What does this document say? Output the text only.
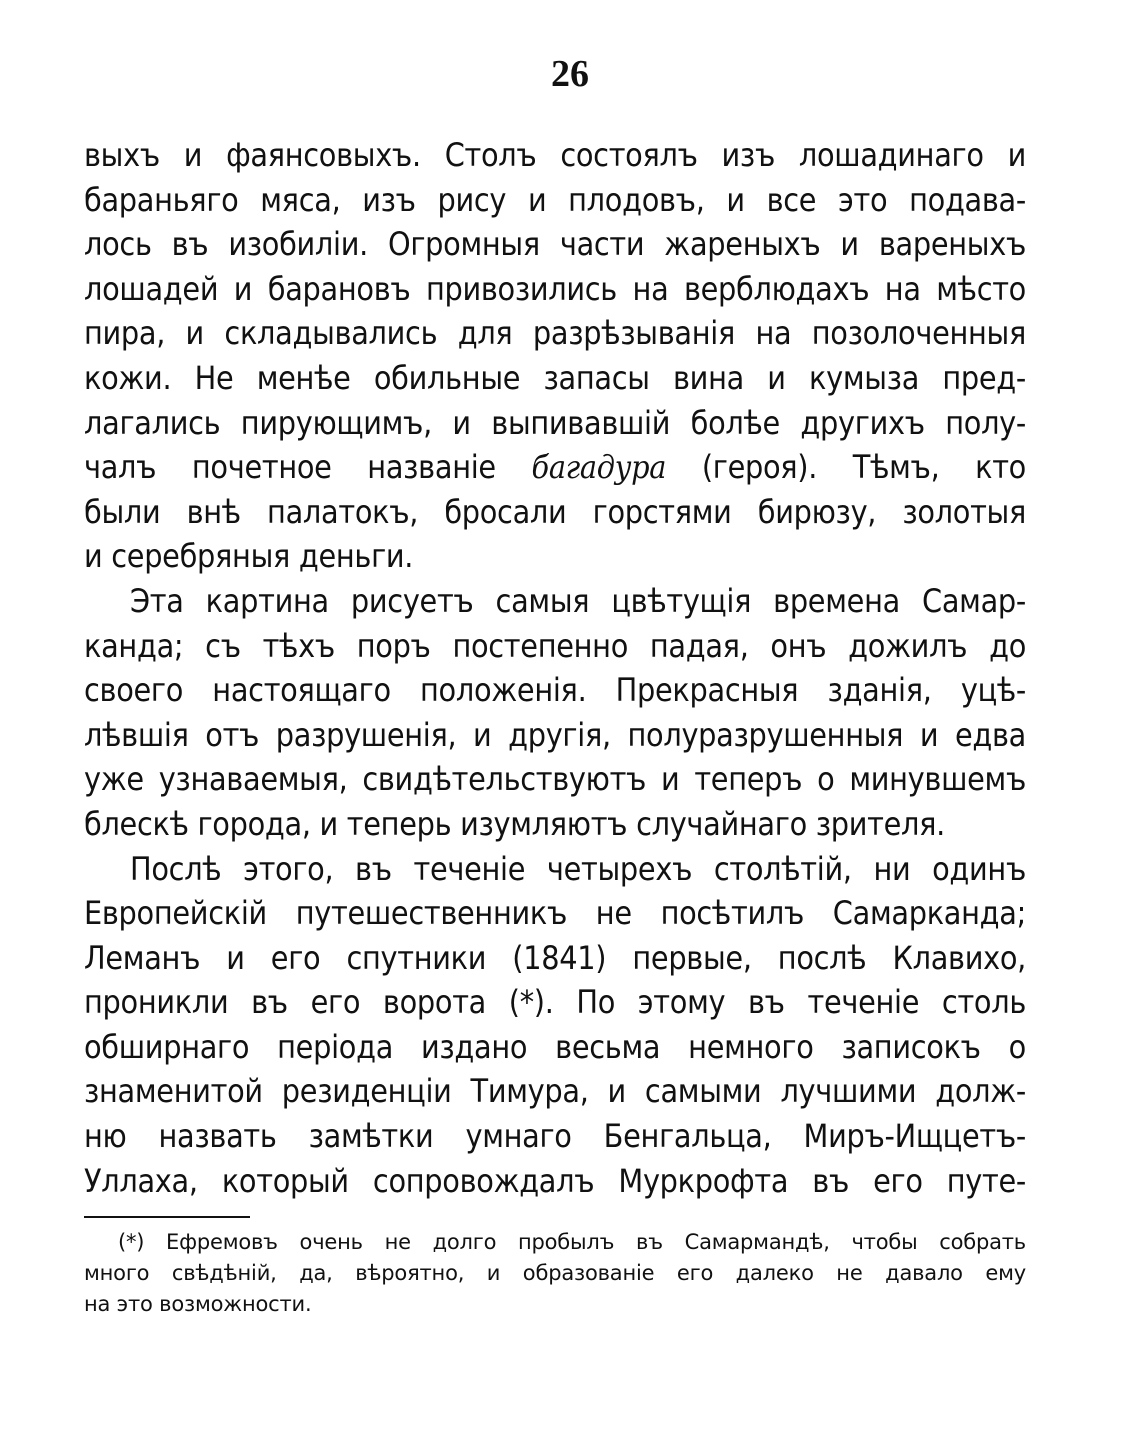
26
выхъ и фаянсовыхъ. Столъ состоялъ изъ лошадинаго и
бараньяго мяса, изъ рису и плодовъ, и все это подава-
лось въ изобиліи. Огромныя части жареныхъ и вареныхъ
лошадей и барановъ привозились на верблюдахъ на мѣсто
пира, и складывались для разрѣзыванія на позолоченныя
кожи. Не менѣе обильные запасы вина и кумыза пред-
лагались пирующимъ, и выпивавшій болѣе другихъ полу-
чалъ почетное названіе багадура (героя). Тѣмъ, кто
были внѣ палатокъ, бросали горстями бирюзу, золотыя
и серебряныя деньги.
Эта картина рисуетъ самыя цвѣтущія времена Самар-
канда; съ тѣхъ поръ постепенно падая, онъ дожилъ до
своего настоящаго положенія. Прекрасныя зданія, уцѣ-
лѣвшія отъ разрушенія, и другія, полуразрушенныя и едва
уже узнаваемыя, свидѣтельствуютъ и теперъ о минувшемъ
блескѣ города, и теперь изумляютъ случайнаго зрителя.
Послѣ этого, въ теченіе четырехъ столѣтій, ни одинъ
Европейскій путешественникъ не посѣтилъ Самарканда;
Леманъ и его спутники (1841) первые, послѣ Клавихо,
проникли въ его ворота (*). По этому въ теченіе столь
обширнаго періода издано весьма немного записокъ о
знаменитой резиденціи Тимура, и самыми лучшими долж-
ню назвать замѣтки умнаго Бенгальца, Миръ-Ищцетъ-
Уллаха, который сопровождалъ Муркрофта въ его путе-
(*) Ефремовъ очень не долго пробылъ въ Самармандѣ, чтобы собрать
много свѣдѣній, да, вѣроятно, и образованіе его далеко не давало ему
на это возможности.
